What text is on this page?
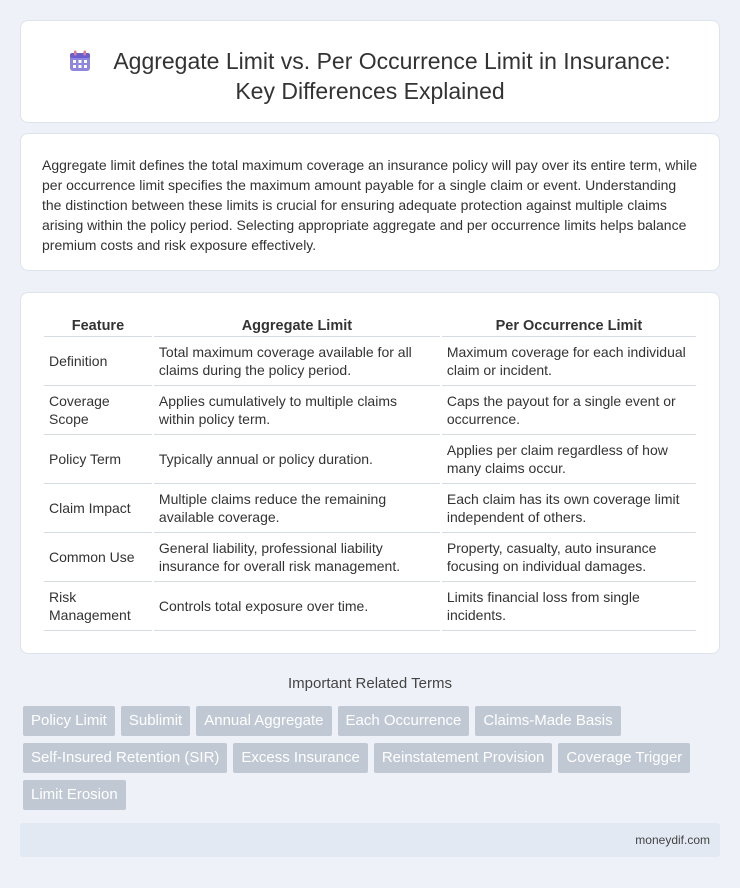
Aggregate Limit vs. Per Occurrence Limit in Insurance:
Key Differences Explained

Aggregate limit defines the total maximum coverage an insurance policy will pay over its entire term, while per occurrence limit specifies the maximum amount payable for a single claim or event. Understanding the distinction between these limits is crucial for ensuring adequate protection against multiple claims arising within the policy period. Selecting appropriate aggregate and per occurrence limits helps balance premium costs and risk exposure effectively.

Feature	Aggregate Limit	Per Occurrence Limit
Definition	Total maximum coverage available for all claims during the policy period.	Maximum coverage for each individual claim or incident.
Coverage Scope	Applies cumulatively to multiple claims within policy term.	Caps the payout for a single event or occurrence.
Policy Term	Typically annual or policy duration.	Applies per claim regardless of how many claims occur.
Claim Impact	Multiple claims reduce the remaining available coverage.	Each claim has its own coverage limit independent of others.
Common Use	General liability, professional liability insurance for overall risk management.	Property, casualty, auto insurance focusing on individual damages.
Risk Management	Controls total exposure over time.	Limits financial loss from single incidents.
Important Related Terms
Policy Limit	Sublimit	Annual Aggregate	Each Occurrence	Claims-Made Basis
Self-Insured Retention (SIR)	Excess Insurance	Reinstatement Provision	Coverage Trigger
Limit Erosion
moneydif.com
